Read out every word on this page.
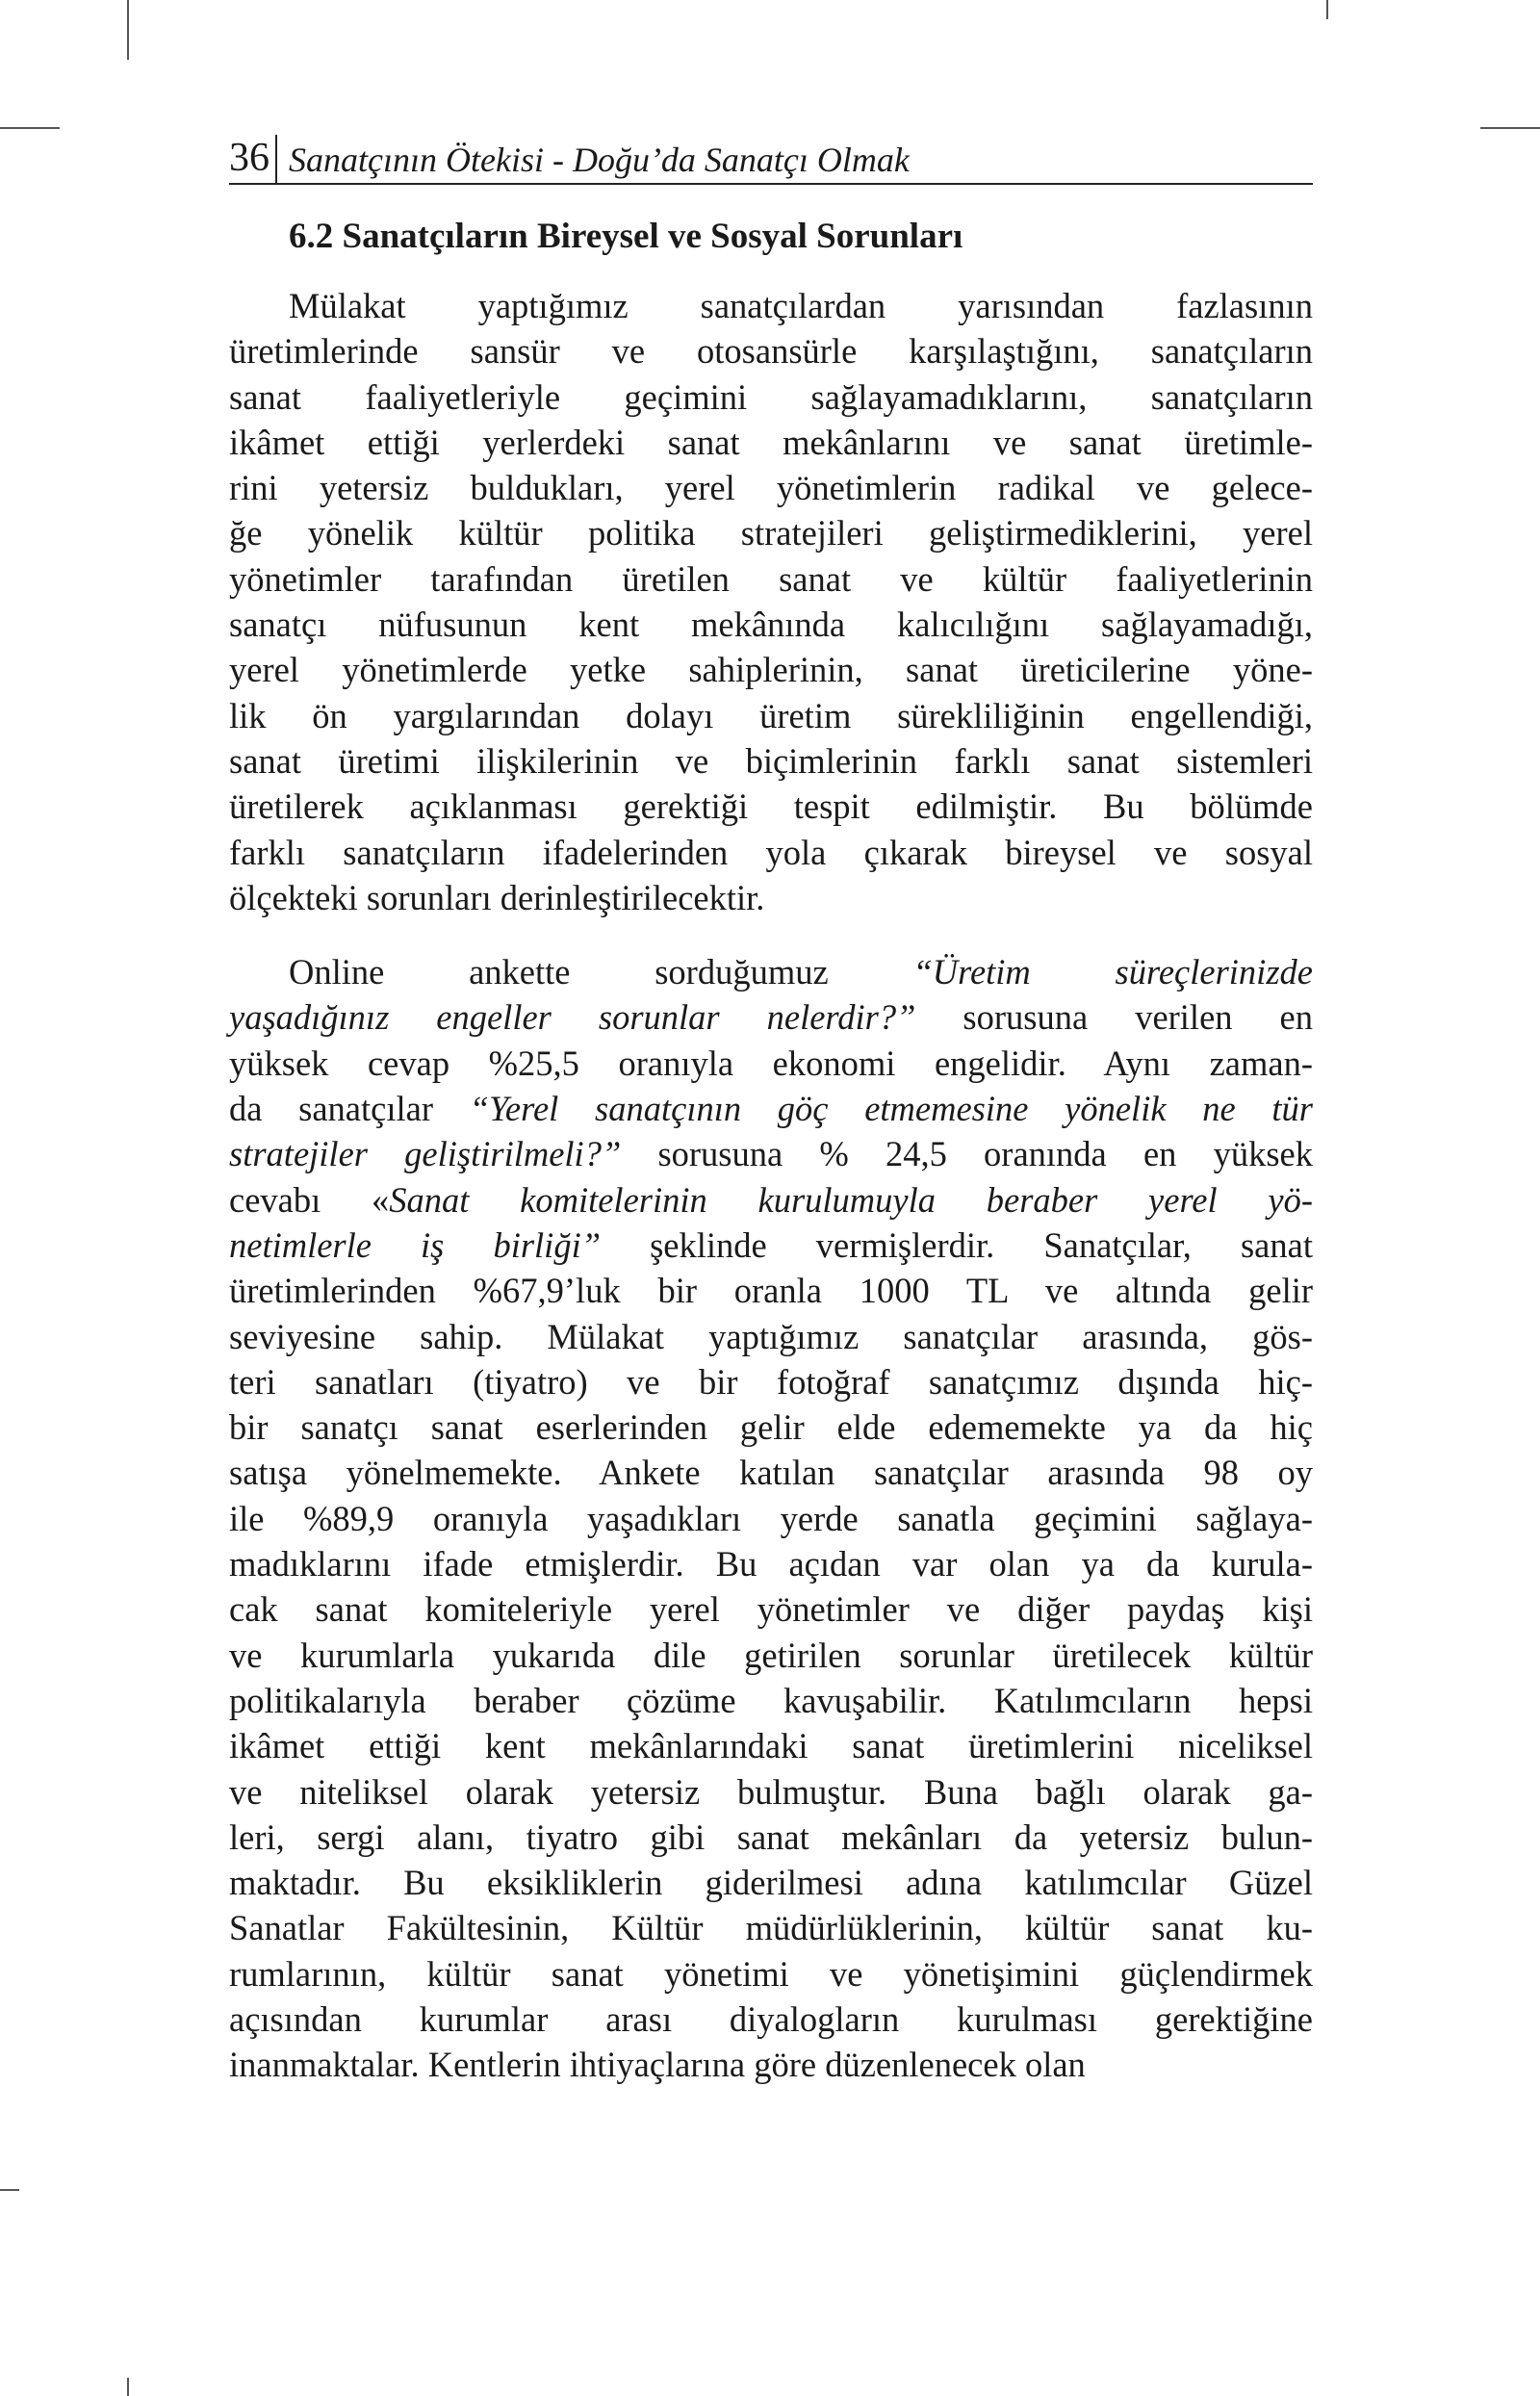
36 Sanatçının Ötekisi - Doğu’da Sanatçı Olmak
6.2 Sanatçıların Bireysel ve Sosyal Sorunları
Mülakat yaptığımız sanatçılardan yarısından fazlasının
üretimlerinde sansür ve otosansürle karşılaştığını, sanatçıların
sanat faaliyetleriyle geçimini sağlayamadıklarını, sanatçıların
ikâmet ettiği yerlerdeki sanat mekânlarını ve sanat üretimle-
rini yetersiz buldukları, yerel yönetimlerin radikal ve gelece-
ğe yönelik kültür politika stratejileri geliştirmediklerini, yerel
yönetimler tarafından üretilen sanat ve kültür faaliyetlerinin
sanatçı nüfusunun kent mekânında kalıcılığını sağlayamadığı,
yerel yönetimlerde yetke sahiplerinin, sanat üreticilerine yöne-
lik ön yargılarından dolayı üretim sürekliliğinin engellendiği,
sanat üretimi ilişkilerinin ve biçimlerinin farklı sanat sistemleri
üretilerek açıklanması gerektiği tespit edilmiştir. Bu bölümde
farklı sanatçıların ifadelerinden yola çıkarak bireysel ve sosyal
ölçekteki sorunları derinleştirilecektir.
Online ankette sorduğumuz “Üretim süreçlerinizde
yaşadığınız engeller sorunlar nelerdir?” sorusuna verilen en
yüksek cevap %25,5 oranıyla ekonomi engelidir. Aynı zaman-
da sanatçılar “Yerel sanatçının göç etmemesine yönelik ne tür
stratejiler geliştirilmeli?” sorusuna % 24,5 oranında en yüksek
cevabı «Sanat komitelerinin kurulumuyla beraber yerel yö-
netimlerle iş birliği” şeklinde vermişlerdir. Sanatçılar, sanat
üretimlerinden %67,9’luk bir oranla 1000 TL ve altında gelir
seviyesine sahip. Mülakat yaptığımız sanatçılar arasında, gös-
teri sanatları (tiyatro) ve bir fotoğraf sanatçımız dışında hiç-
bir sanatçı sanat eserlerinden gelir elde edememekte ya da hiç
satışa yönelmemekte. Ankete katılan sanatçılar arasında 98 oy
ile %89,9 oranıyla yaşadıkları yerde sanatla geçimini sağlaya-
madıklarını ifade etmişlerdir. Bu açıdan var olan ya da kurula-
cak sanat komiteleriyle yerel yönetimler ve diğer paydaş kişi
ve kurumlarla yukarıda dile getirilen sorunlar üretilecek kültür
politikalarıyla beraber çözüme kavuşabilir. Katılımcıların hepsi
ikâmet ettiği kent mekânlarındaki sanat üretimlerini niceliksel
ve niteliksel olarak yetersiz bulmuştur. Buna bağlı olarak ga-
leri, sergi alanı, tiyatro gibi sanat mekânları da yetersiz bulun-
maktadır. Bu eksikliklerin giderilmesi adına katılımcılar Güzel
Sanatlar Fakültesinin, Kültür müdürlüklerinin, kültür sanat ku-
rumlarının, kültür sanat yönetimi ve yönetişimini güçlendirmek
açısından kurumlar arası diyalogların kurulması gerektiğine
inanmaktalar. Kentlerin ihtiyaçlarına göre düzenlenecek olan
